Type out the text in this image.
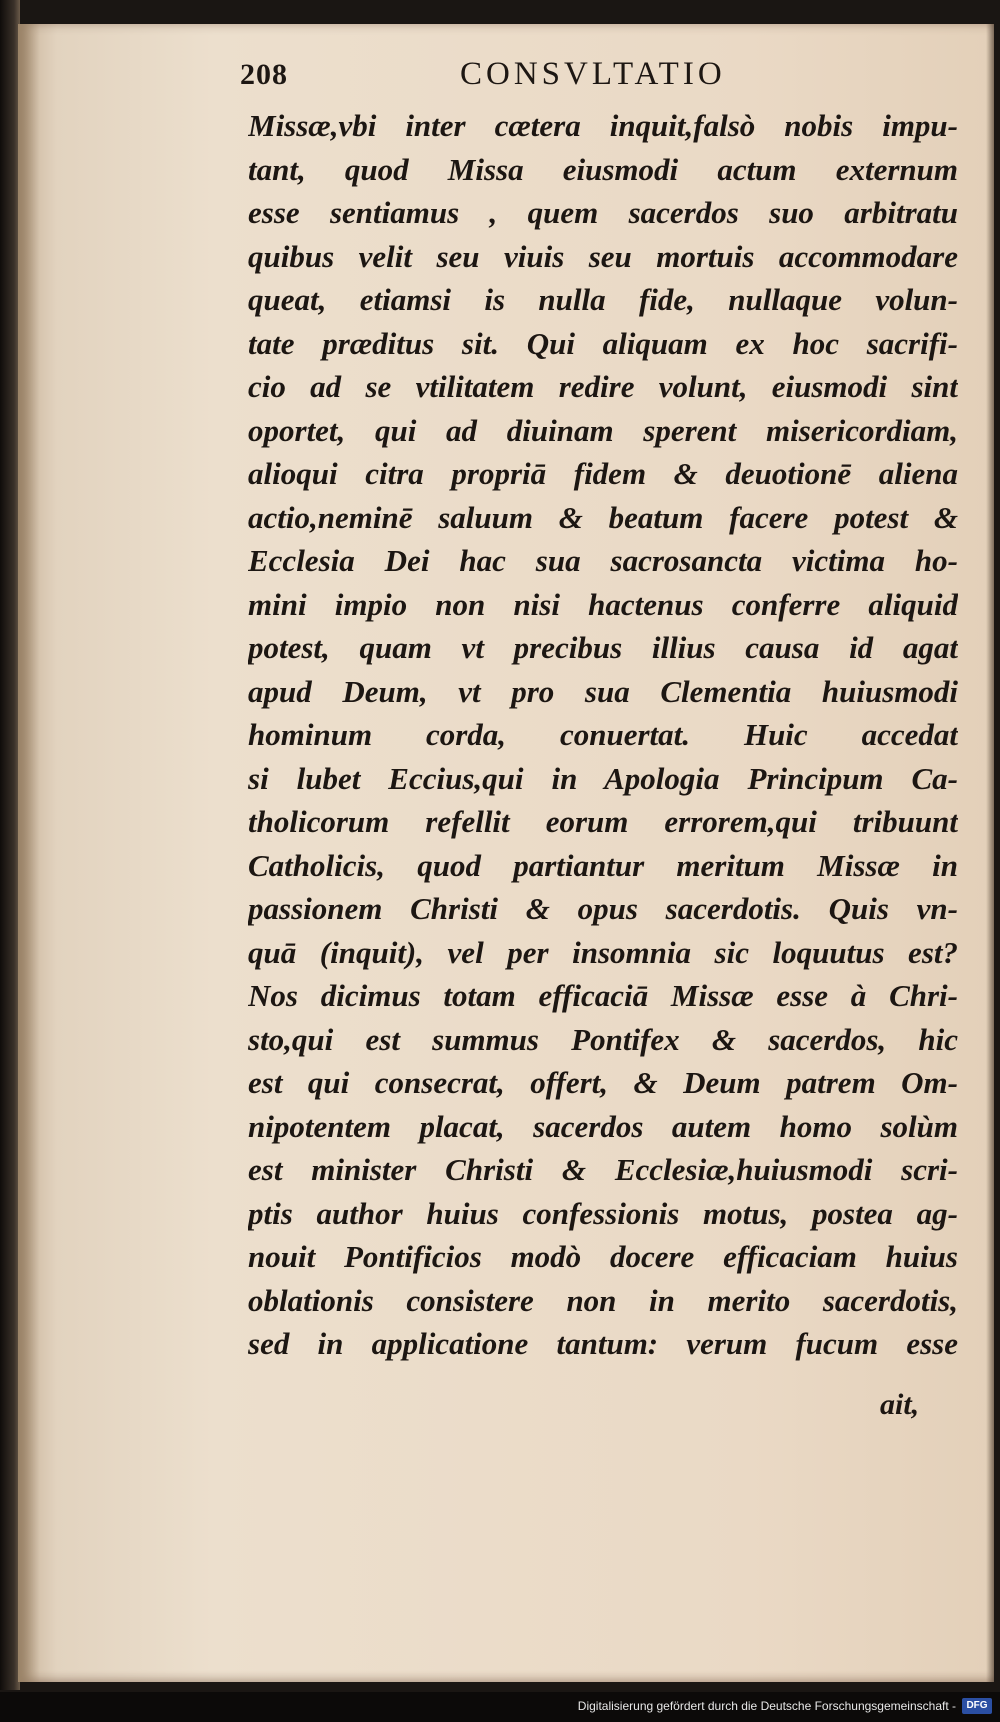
208	CONSVLTATIO
Missæ,vbi inter cætera inquit,falsò nobis impu-
tant, quod Missa eiusmodi actum externum
esse sentiamus , quem sacerdos suo arbitratu
quibus velit seu viuis seu mortuis accommodare
queat, etiamsi is nulla fide, nullaque volun-
tate præditus sit. Qui aliquam ex hoc sacrifi-
cio ad se vtilitatem redire volunt, eiusmodi sint
oportet, qui ad diuinam sperent misericordiam,
alioqui citra propriā fidem & deuotionē aliena
actio,neminē saluum & beatum facere potest &
Ecclesia Dei hac sua sacrosancta victima ho-
mini impio non nisi hactenus conferre aliquid
potest, quam vt precibus illius causa id agat
apud Deum, vt pro sua Clementia huiusmodi
hominum corda, conuertat. Huic accedat
si lubet Eccius,qui in Apologia Principum Ca-
tholicorum refellit eorum errorem,qui tribuunt
Catholicis, quod partiantur meritum Missæ in
passionem Christi & opus sacerdotis. Quis vn-
quā (inquit), vel per insomnia sic loquutus est?
Nos dicimus totam efficaciā Missæ esse à Chri-
sto,qui est summus Pontifex & sacerdos, hic
est qui consecrat, offert, & Deum patrem Om-
nipotentem placat, sacerdos autem homo solùm
est minister Christi & Ecclesiæ,huiusmodi scri-
ptis author huius confessionis motus, postea ag-
nouit Pontificios modò docere efficaciam huius
oblationis consistere non in merito sacerdotis,
sed in applicatione tantum: verum fucum esse
ait,
Digitalisierung gefördert durch die Deutsche Forschungsgemeinschaft -	DFG
